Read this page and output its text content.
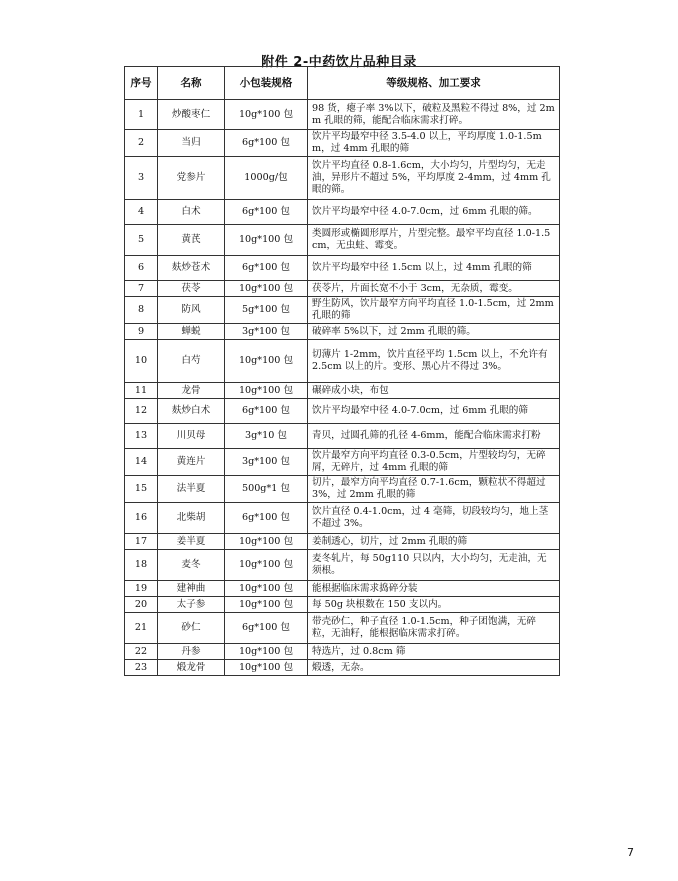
附件 2-中药饮片品种目录
序号	名称	小包装规格	等级规格、加工要求
1	炒酸枣仁	10g*100 包	98 货，瘪子率 3%以下，破粒及黑粒不得过 8%，过 2mm 孔眼的筛，能配合临床需求打碎。
2	当归	6g*100 包	饮片平均最窄中径 3.5-4.0 以上，平均厚度 1.0-1.5mm，过 4mm 孔眼的筛
3	党参片	1000g/包	饮片平均直径 0.8-1.6cm，大小均匀，片型均匀，无走油，异形片不超过 5%，平均厚度 2-4mm，过 4mm 孔眼的筛。
4	白术	6g*100 包	饮片平均最窄中径 4.0-7.0cm，过 6mm 孔眼的筛。
5	黄芪	10g*100 包	类圆形或椭圆形厚片，片型完整。最窄平均直径 1.0-1.5cm，无虫蛀、霉变。
6	麸炒苍术	6g*100 包	饮片平均最窄中径 1.5cm 以上，过 4mm 孔眼的筛
7	茯苓	10g*100 包	茯苓片，片面长宽不小于 3cm，无杂质，霉变。
8	防风	5g*100 包	野生防风，饮片最窄方向平均直径 1.0-1.5cm，过 2mm 孔眼的筛
9	蝉蜕	3g*100 包	破碎率 5%以下，过 2mm 孔眼的筛。
10	白芍	10g*100 包	切薄片 1-2mm，饮片直径平均 1.5cm 以上，不允许有 2.5cm 以上的片。变形、黑心片不得过 3%。
11	龙骨	10g*100 包	碾碎成小块，布包
12	麸炒白术	6g*100 包	饮片平均最窄中径 4.0-7.0cm，过 6mm 孔眼的筛
13	川贝母	3g*10 包	青贝，过圆孔筛的孔径 4-6mm，能配合临床需求打粉
14	黄连片	3g*100 包	饮片最窄方向平均直径 0.3-0.5cm，片型较均匀，无碎屑，无碎片，过 4mm 孔眼的筛
15	法半夏	500g*1 包	切片，最窄方向平均直径 0.7-1.6cm，颗粒状不得超过 3%，过 2mm 孔眼的筛
16	北柴胡	6g*100 包	饮片直径 0.4-1.0cm，过 4 毫筛，切段较均匀，地上茎不超过 3%。
17	姜半夏	10g*100 包	姜制透心，切片，过 2mm 孔眼的筛
18	麦冬	10g*100 包	麦冬轧片，每 50g110 只以内，大小均匀，无走油，无须根。
19	建神曲	10g*100 包	能根据临床需求捣碎分装
20	太子参	10g*100 包	每 50g 块根数在 150 支以内。
21	砂仁	6g*100 包	带壳砂仁，种子直径 1.0-1.5cm，种子团饱满，无碎粒，无油籽，能根据临床需求打碎。
22	丹参	10g*100 包	特选片，过 0.8cm 筛
23	煅龙骨	10g*100 包	煅透，无杂。
7
